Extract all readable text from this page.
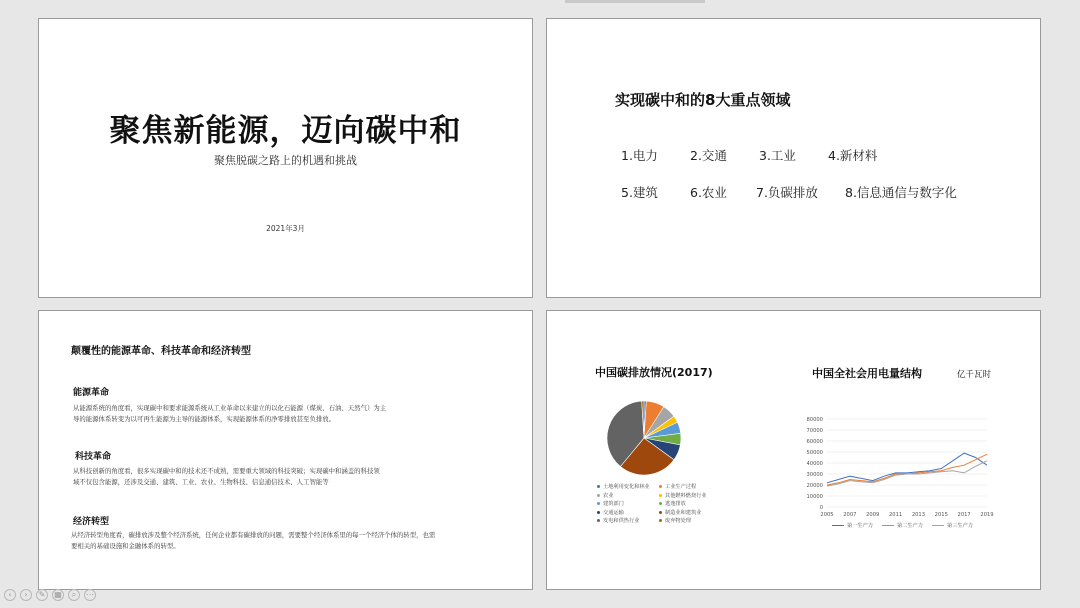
聚焦新能源，迈向碳中和
聚焦脱碳之路上的机遇和挑战
2021年3月
实现碳中和的8大重点领域
1.电力	2.交通	3.工业	4.新材料
5.建筑	6.农业 7.负碳排放 8.信息通信与数字化
颠覆性的能源革命、科技革命和经济转型
能源革命
从能源系统的角度看，实现碳中和要求能源系统从工业革命以来建立的以化石能源（煤炭、石油、天然气）为主导的能源体系转变为以可再生能源为主导的能源体系，实现能源体系的净零排放甚至负排放。
科技革命
从科技创新的角度看，很多实现碳中和的技术还不成熟，需要重大领域的科技突破；实现碳中和涵盖的科技领域不仅包含能源，还涉及交通、建筑、工业、农业、生物科技、信息通信技术、人工智能等
经济转型
从经济转型角度看，碳排放涉及整个经济系统，任何企业都有碳排放的问题，需要整个经济体系里的每一个经济个体的转型，也需要相关的基础设施和金融体系的转型。
中国碳排放情况(2017)
土地利用变化和林业	工业生产过程
农业	其他燃料燃烧行业
建筑部门	逃逸排放
交通运输	制造业和建筑业
发电和供热行业	废弃物处理
中国全社会用电量结构	亿千瓦时
0
10000
20000
30000
40000
50000
60000
70000
80000
2005 2007 2009 2011 2013 2015 2017 2019
第一生产力	第二生产力	第三生产力
‹	›	✎	▦	⌕	⋯
